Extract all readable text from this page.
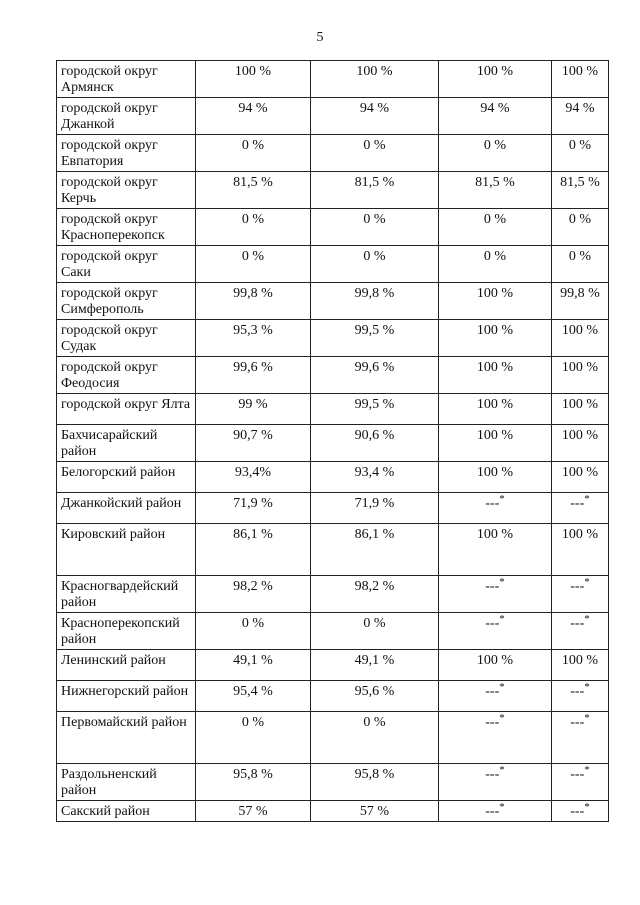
5
городской округ Армянск	100 %	100 %	100 %	100 %
городской округ Джанкой	94 %	94 %	94 %	94 %
городской округ Евпатория	0 %	0 %	0 %	0 %
городской округ Керчь	81,5 %	81,5 %	81,5 %	81,5 %
городской округ Красноперекопск	0 %	0 %	0 %	0 %
городской округ Саки	0 %	0 %	0 %	0 %
городской округ Симферополь	99,8 %	99,8 %	100 %	99,8 %
городской округ Судак	95,3 %	99,5 %	100 %	100 %
городской округ Феодосия	99,6 %	99,6 %	100 %	100 %
городской округ Ялта	99 %	99,5 %	100 %	100 %
Бахчисарайский район	90,7 %	90,6 %	100 %	100 %
Белогорский район	93,4%	93,4 %	100 %	100 %
Джанкойский район	71,9 %	71,9 %	---*	---*
Кировский район	86,1 %	86,1 %	100 %	100 %
Красногвардейский район	98,2 %	98,2 %	---*	---*
Красноперекопский район	0 %	0 %	---*	---*
Ленинский район	49,1 %	49,1 %	100 %	100 %
Нижнегорский район	95,4 %	95,6 %	---*	---*
Первомайский район	0 %	0 %	---*	---*
Раздольненский район	95,8 %	95,8 %	---*	---*
Сакский район	57 %	57 %	---*	---*
